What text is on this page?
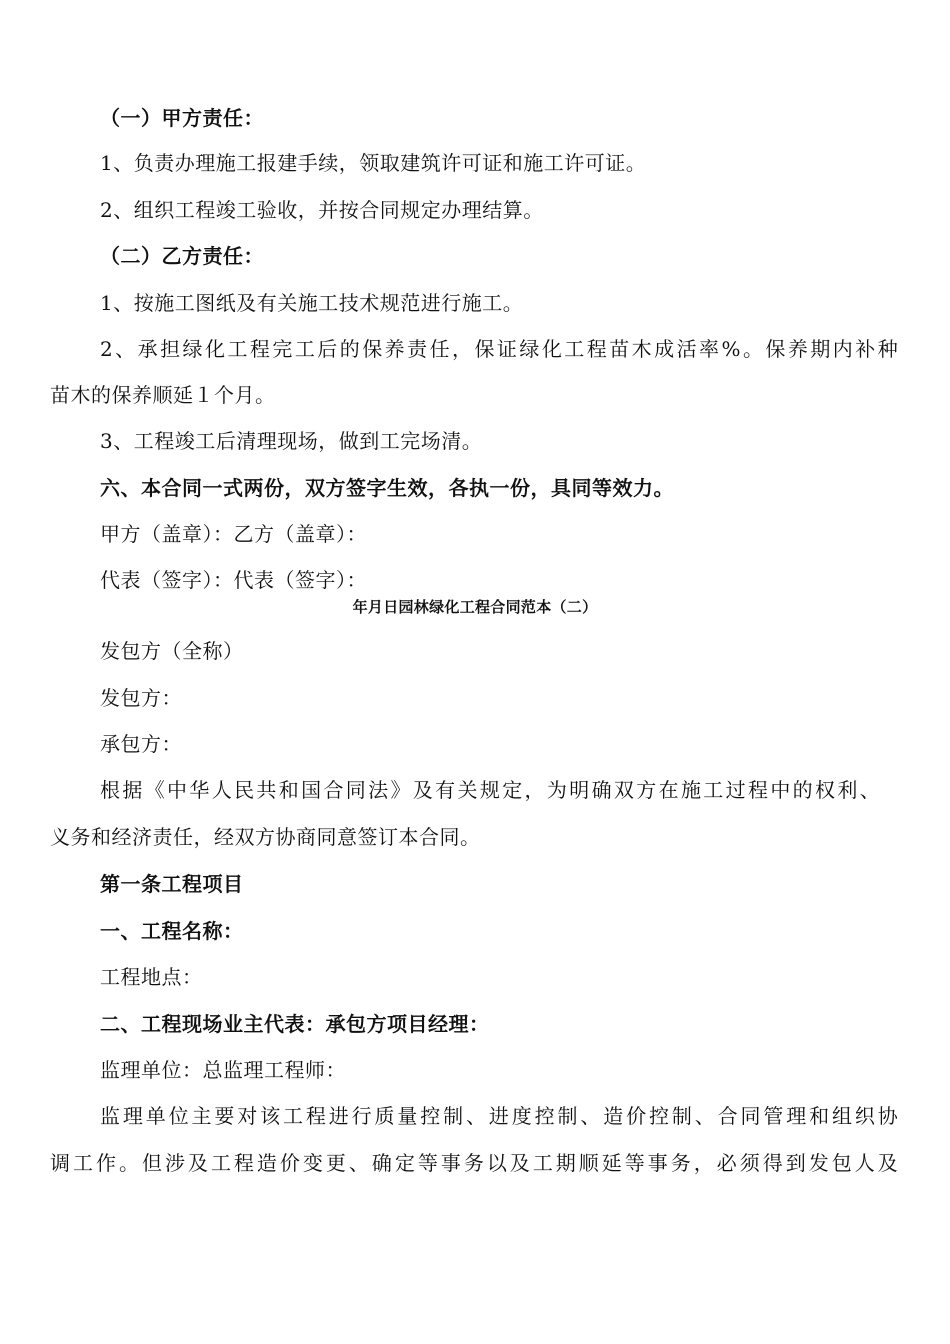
（一）甲方责任：
1、负责办理施工报建手续，领取建筑许可证和施工许可证。
2、组织工程竣工验收，并按合同规定办理结算。
（二）乙方责任：
1、按施工图纸及有关施工技术规范进行施工。
2、承担绿化工程完工后的保养责任，保证绿化工程苗木成活率%。保养期内补种
苗木的保养顺延１个月。
3、工程竣工后清理现场，做到工完场清。
六、本合同一式两份，双方签字生效，各执一份，具同等效力。
甲方（盖章）：乙方（盖章）：
代表（签字）：代表（签字）：
年月日园林绿化工程合同范本（二）
发包方（全称）
发包方：
承包方：
根据《中华人民共和国合同法》及有关规定，为明确双方在施工过程中的权利、
义务和经济责任，经双方协商同意签订本合同。
第一条工程项目
一、工程名称：
工程地点：
二、工程现场业主代表：承包方项目经理：
监理单位：总监理工程师：
监理单位主要对该工程进行质量控制、进度控制、造价控制、合同管理和组织协
调工作。但涉及工程造价变更、确定等事务以及工期顺延等事务，必须得到发包人及
